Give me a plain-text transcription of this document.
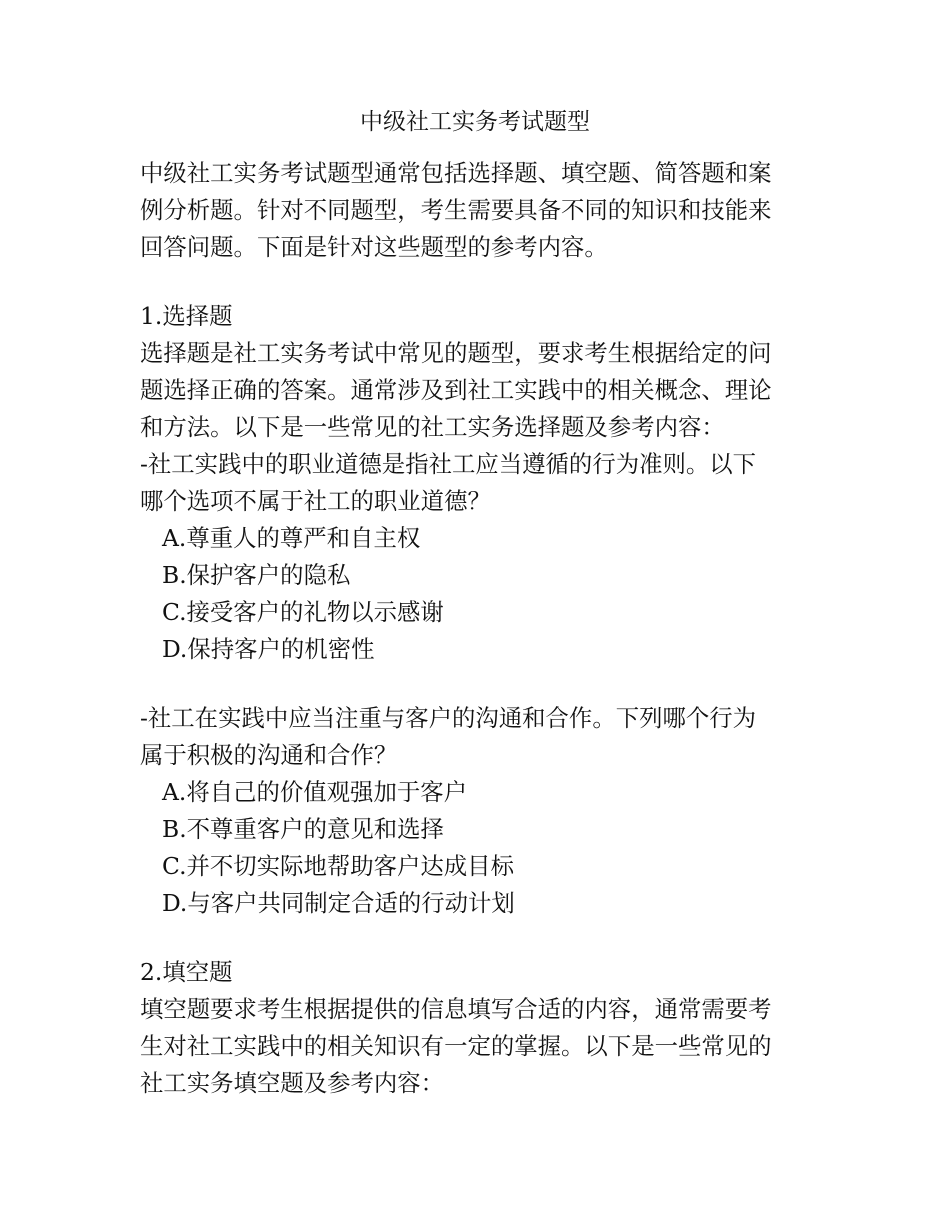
中级社工实务考试题型
中级社工实务考试题型通常包括选择题、填空题、简答题和案
例分析题。针对不同题型，考生需要具备不同的知识和技能来
回答问题。下面是针对这些题型的参考内容。
1.选择题
选择题是社工实务考试中常见的题型，要求考生根据给定的问
题选择正确的答案。通常涉及到社工实践中的相关概念、理论
和方法。以下是一些常见的社工实务选择题及参考内容：
-社工实践中的职业道德是指社工应当遵循的行为准则。以下
哪个选项不属于社工的职业道德？
A.尊重人的尊严和自主权
B.保护客户的隐私
C.接受客户的礼物以示感谢
D.保持客户的机密性
-社工在实践中应当注重与客户的沟通和合作。下列哪个行为
属于积极的沟通和合作？
A.将自己的价值观强加于客户
B.不尊重客户的意见和选择
C.并不切实际地帮助客户达成目标
D.与客户共同制定合适的行动计划
2.填空题
填空题要求考生根据提供的信息填写合适的内容，通常需要考
生对社工实践中的相关知识有一定的掌握。以下是一些常见的
社工实务填空题及参考内容：
